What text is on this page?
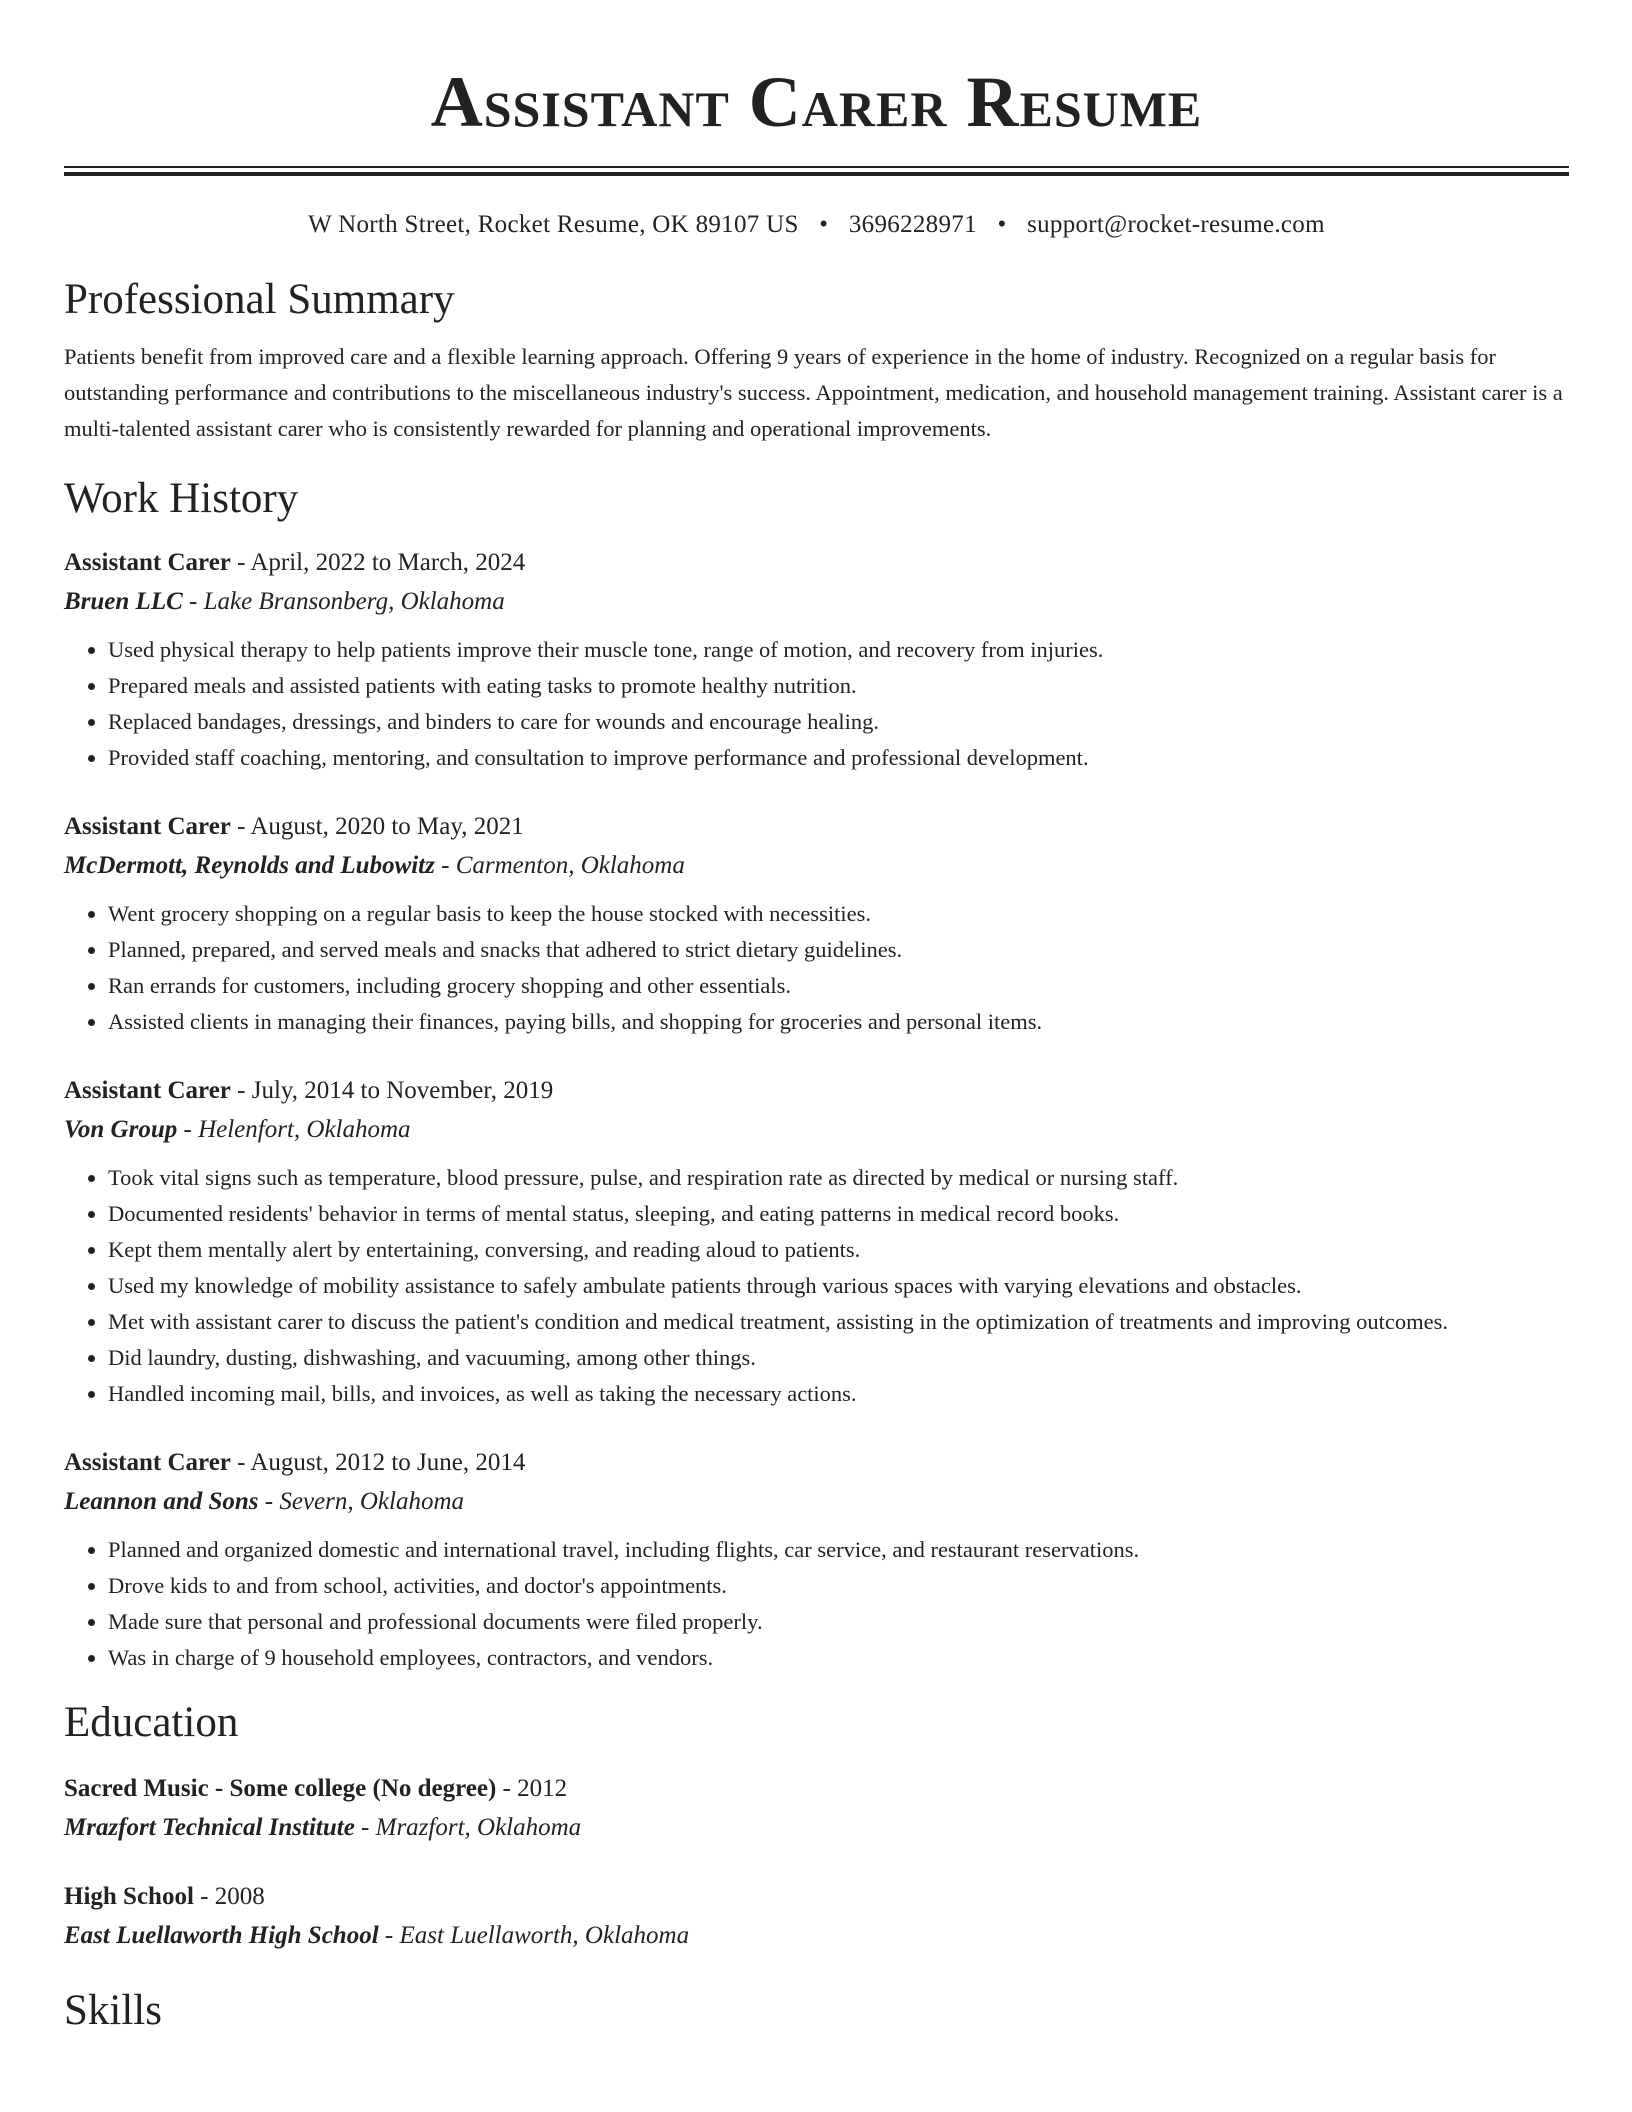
Assistant Carer Resume
W North Street, Rocket Resume, OK 89107 US • 3696228971 • support@rocket-resume.com
Professional Summary
Patients benefit from improved care and a flexible learning approach. Offering 9 years of experience in the home of industry. Recognized on a regular basis for outstanding performance and contributions to the miscellaneous industry's success. Appointment, medication, and household management training. Assistant carer is a multi-talented assistant carer who is consistently rewarded for planning and operational improvements.
Work History
Assistant Carer - April, 2022 to March, 2024
Bruen LLC - Lake Bransonberg, Oklahoma
• Used physical therapy to help patients improve their muscle tone, range of motion, and recovery from injuries.
• Prepared meals and assisted patients with eating tasks to promote healthy nutrition.
• Replaced bandages, dressings, and binders to care for wounds and encourage healing.
• Provided staff coaching, mentoring, and consultation to improve performance and professional development.
Assistant Carer - August, 2020 to May, 2021
McDermott, Reynolds and Lubowitz - Carmenton, Oklahoma
• Went grocery shopping on a regular basis to keep the house stocked with necessities.
• Planned, prepared, and served meals and snacks that adhered to strict dietary guidelines.
• Ran errands for customers, including grocery shopping and other essentials.
• Assisted clients in managing their finances, paying bills, and shopping for groceries and personal items.
Assistant Carer - July, 2014 to November, 2019
Von Group - Helenfort, Oklahoma
• Took vital signs such as temperature, blood pressure, pulse, and respiration rate as directed by medical or nursing staff.
• Documented residents' behavior in terms of mental status, sleeping, and eating patterns in medical record books.
• Kept them mentally alert by entertaining, conversing, and reading aloud to patients.
• Used my knowledge of mobility assistance to safely ambulate patients through various spaces with varying elevations and obstacles.
• Met with assistant carer to discuss the patient's condition and medical treatment, assisting in the optimization of treatments and improving outcomes.
• Did laundry, dusting, dishwashing, and vacuuming, among other things.
• Handled incoming mail, bills, and invoices, as well as taking the necessary actions.
Assistant Carer - August, 2012 to June, 2014
Leannon and Sons - Severn, Oklahoma
• Planned and organized domestic and international travel, including flights, car service, and restaurant reservations.
• Drove kids to and from school, activities, and doctor's appointments.
• Made sure that personal and professional documents were filed properly.
• Was in charge of 9 household employees, contractors, and vendors.
Education
Sacred Music - Some college (No degree) - 2012
Mrazfort Technical Institute - Mrazfort, Oklahoma
High School - 2008
East Luellaworth High School - East Luellaworth, Oklahoma
Skills
